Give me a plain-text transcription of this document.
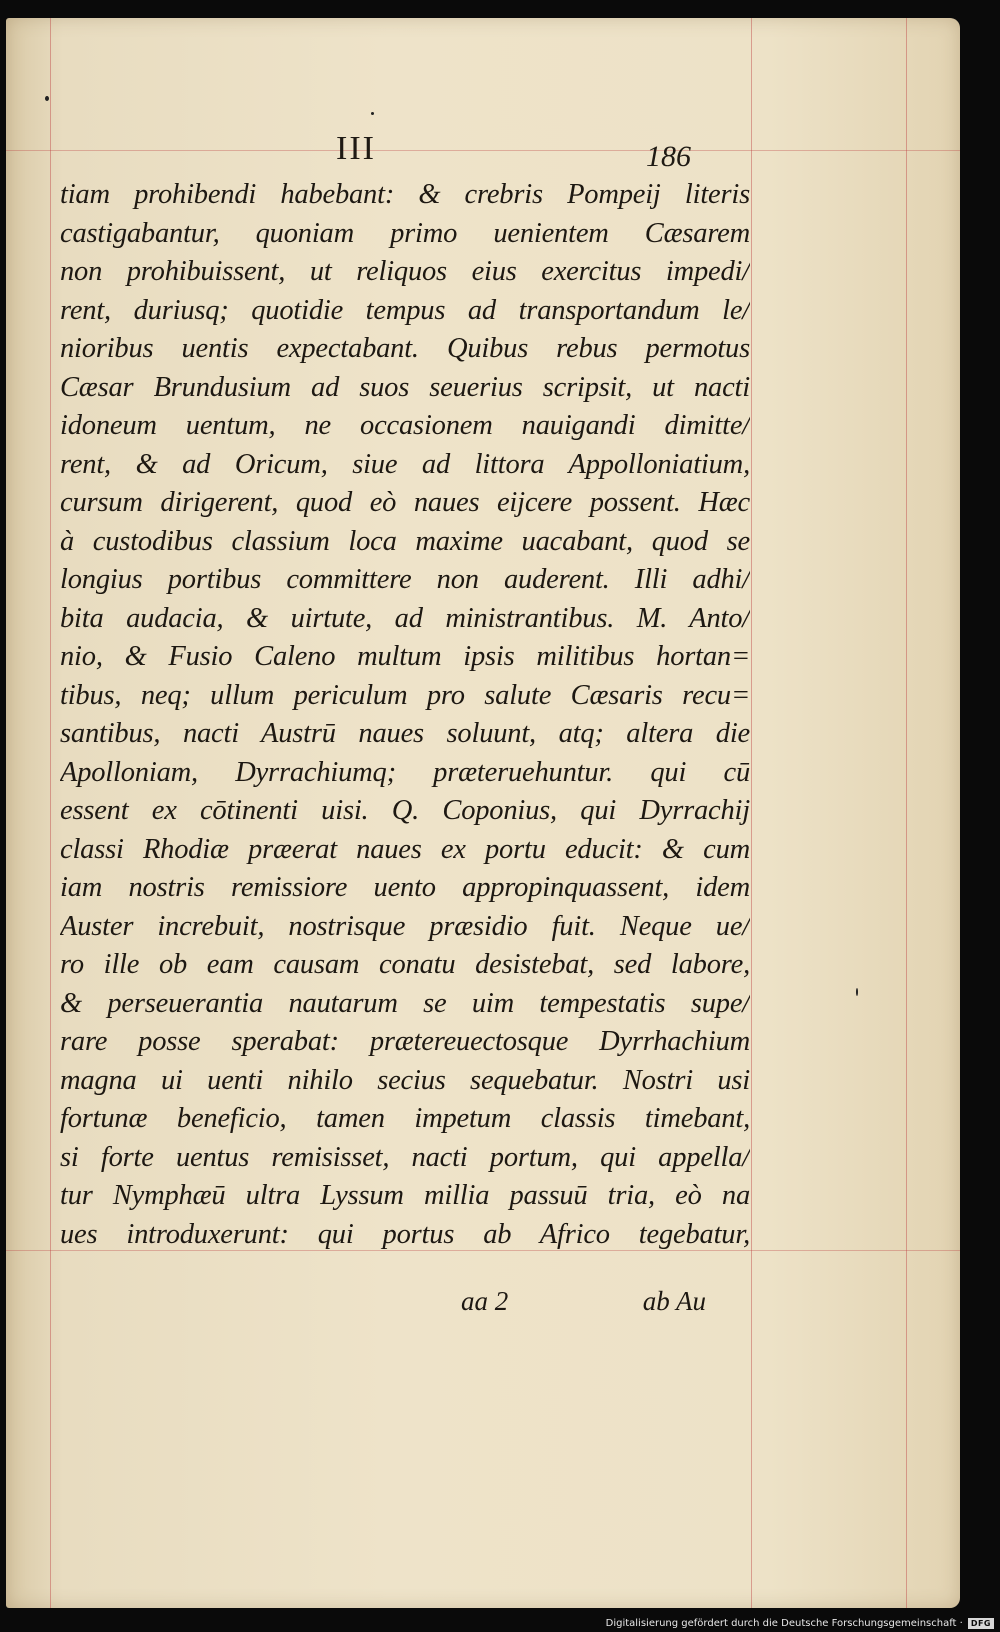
III	186
tiam prohibendi habebant: & crebris Pompeij literis
castigabantur, quoniam primo uenientem Cæsarem
non prohibuissent, ut reliquos eius exercitus impedi/
rent, duriusq; quotidie tempus ad transportandum le/
nioribus uentis expectabant. Quibus rebus permotus
Cæsar Brundusium ad suos seuerius scripsit, ut nacti
idoneum uentum, ne occasionem nauigandi dimitte/
rent, & ad Oricum, siue ad littora Appolloniatium,
cursum dirigerent, quod eò naues eijcere possent. Hæc
à custodibus classium loca maxime uacabant, quod se
longius portibus committere non auderent. Illi adhi/
bita audacia, & uirtute, ad ministrantibus. M. Anto/
nio, & Fusio Caleno multum ipsis militibus hortan=
tibus, neq; ullum periculum pro salute Cæsaris recu=
santibus, nacti Austrū naues soluunt, atq; altera die
Apolloniam, Dyrrachiumq; præteruehuntur. qui cū
essent ex cōtinenti uisi. Q. Coponius, qui Dyrrachij
classi Rhodiæ præerat naues ex portu educit: & cum
iam nostris remissiore uento appropinquassent, idem
Auster increbuit, nostrisque præsidio fuit. Neque ue/
ro ille ob eam causam conatu desistebat, sed labore,
& perseuerantia nautarum se uim tempestatis supe/
rare posse sperabat: prætereuectosque Dyrrhachium
magna ui uenti nihilo secius sequebatur. Nostri usi
fortunæ beneficio, tamen impetum classis timebant,
si forte uentus remisisset, nacti portum, qui appella/
tur Nymphæū ultra Lyssum millia passuū tria, eò na
ues introduxerunt: qui portus ab Africo tegebatur,
aa 2	ab Au
Digitalisierung gefördert durch die Deutsche Forschungsgemeinschaft ·	DFG
